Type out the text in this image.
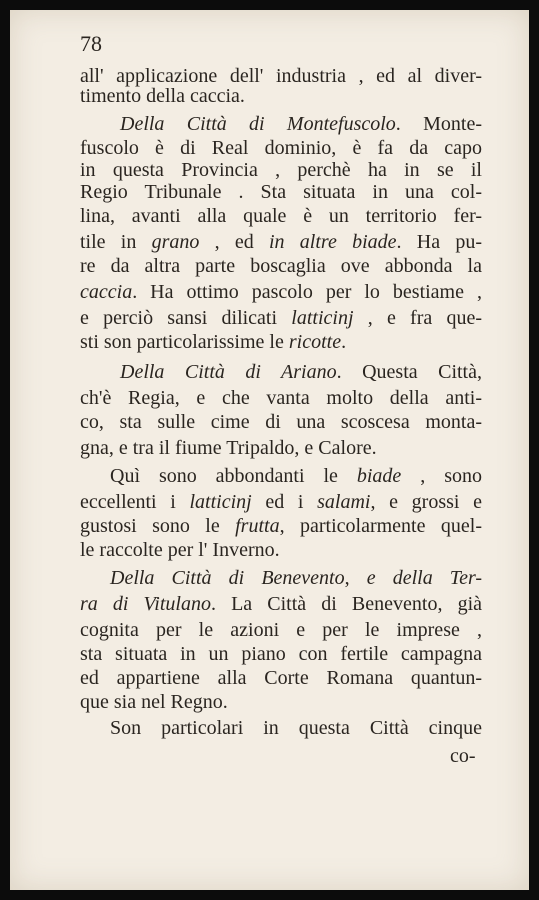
78
all' applicazione dell' industria , ed al diver-
timento della caccia.
Della Città di Montefuscolo. Monte-
fuscolo è di Real dominio, è fa da capo
in questa Provincia , perchè ha in se il
Regio Tribunale . Sta situata in una col-
lina, avanti alla quale è un territorio fer-
tile in grano , ed in altre biade. Ha pu-
re da altra parte boscaglia ove abbonda la
caccia. Ha ottimo pascolo per lo bestiame ,
e perciò sansi dilicati latticinj , e fra que-
sti son particolarissime le ricotte.
Della Città di Ariano. Questa Città,
ch'è Regia, e che vanta molto della anti-
co, sta sulle cime di una scoscesa monta-
gna, e tra il fiume Tripaldo, e Calore.
Quì sono abbondanti le biade , sono
eccellenti i latticinj ed i salami, e grossi e
gustosi sono le frutta, particolarmente quel-
le raccolte per l' Inverno.
Della Città di Benevento, e della Ter-
ra di Vitulano. La Città di Benevento, già
cognita per le azioni e per le imprese ,
sta situata in un piano con fertile campagna
ed appartiene alla Corte Romana quantun-
que sia nel Regno.
Son particolari in questa Città cinque
co-
